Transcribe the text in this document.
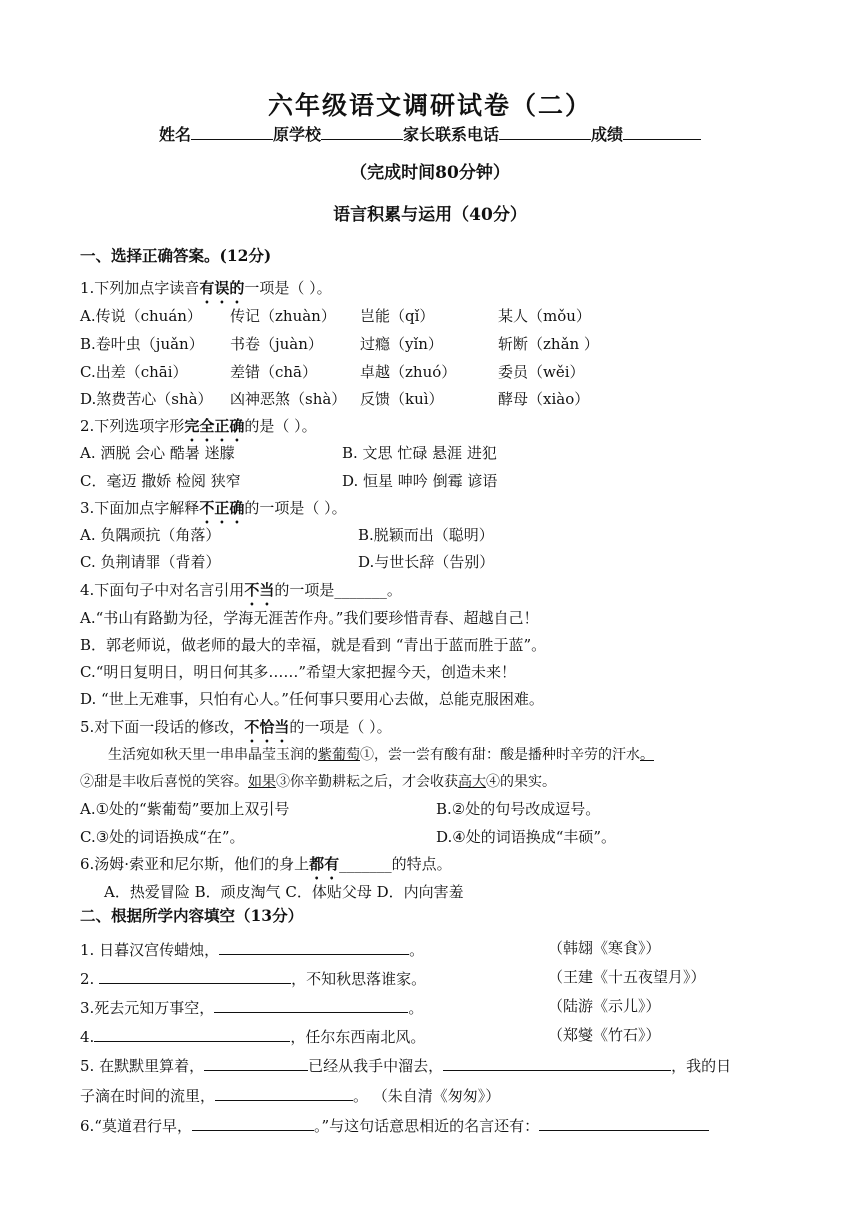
六年级语文调研试卷（二）
姓名	原学校	家长联系电话	成绩
（完成时间80分钟）
语言积累与运用（40分）
一、选择正确答案。(12分)
1.下列加点字读音有误的一项是（ ）。
A.传说（chuán） 传记（zhuàn） 岂能（qǐ）	某人（mǒu）
B.卷叶虫（juǎn） 书卷（juàn） 过瘾（yǐn）	斩断（zhǎn ）
C.出差（chāi）	差错（chā）	卓越（zhuó）	委员（wěi）
D.煞费苦心（shà） 凶神恶煞（shà） 反馈（kuì）	酵母（xiào）
2.下列选项字形完全正确的是（ ）。
A. 洒脱 会心 酷暑 迷朦	B. 文思 忙碌 悬涯 进犯
C．毫迈 撒娇 检阅 狭窄	D. 恒星 呻吟 倒霉 谚语
3.下面加点字解释不正确的一项是（ ）。
A. 负隅顽抗（角落）	B.脱颖而出（聪明）
C. 负荆请罪（背着）	D.与世长辞（告别）
4.下面句子中对名言引用不当的一项是_______。
A.“书山有路勤为径，学海无涯苦作舟。”我们要珍惜青春、超越自己！
B．郭老师说，做老师的最大的幸福，就是看到 “青出于蓝而胜于蓝”。
C.“明日复明日，明日何其多……”希望大家把握今天，创造未来！
D. “世上无难事，只怕有心人。”任何事只要用心去做，总能克服困难。
5.对下面一段话的修改，不恰当的一项是（ ）。
生活宛如秋天里一串串晶莹玉润的紫葡萄①，尝一尝有酸有甜：酸是播种时辛劳的汗水。
②甜是丰收后喜悦的笑容。如果③你辛勤耕耘之后，才会收获高大④的果实。
A.①处的“紫葡萄”要加上双引号	B.②处的句号改成逗号。
C.③处的词语换成“在”。	D.④处的词语换成“丰硕”。
6.汤姆·索亚和尼尔斯，他们的身上都有_______的特点。
A．热爱冒险 B．顽皮淘气 C．体贴父母 D．内向害羞
二、根据所学内容填空（13分）
1. 日暮汉宫传蜡烛，	。	（韩翃《寒食》）
2.	，不知秋思落谁家。	（王建《十五夜望月》）
3.死去元知万事空，	。	（陆游《示儿》）
4.	，任尔东西南北风。	（郑燮《竹石》）
5. 在默默里算着，	已经从我手中溜去，	，我的日
子滴在时间的流里，	。 （朱自清《匆匆》）
6.“莫道君行早，	。”与这句话意思相近的名言还有：
